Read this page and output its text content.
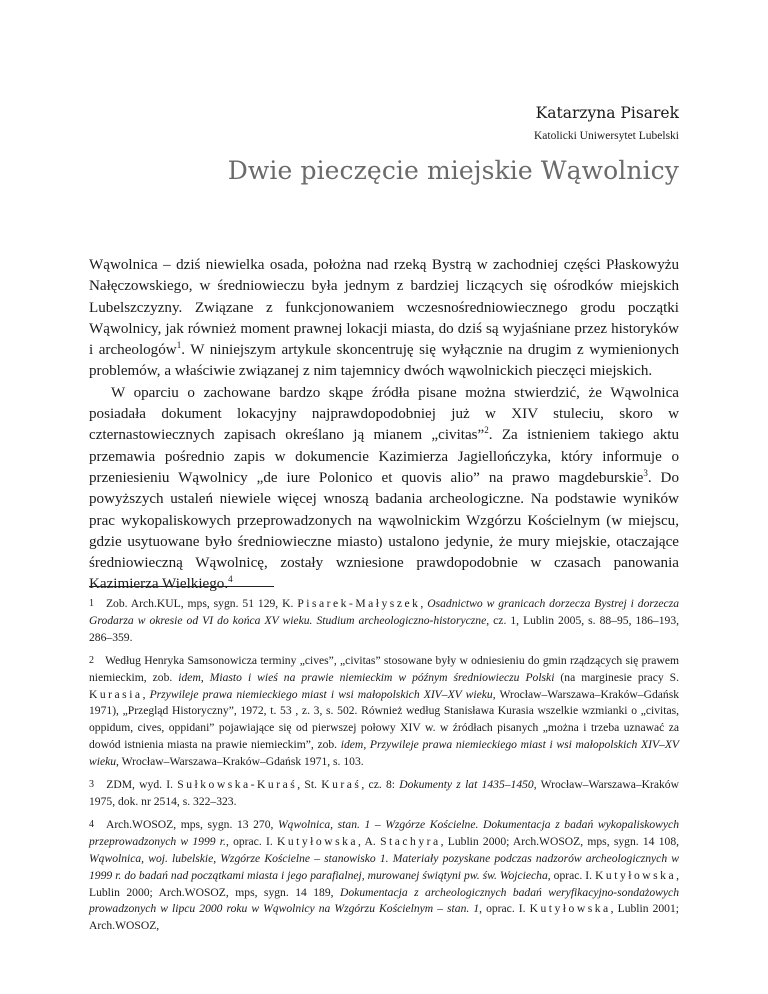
Katarzyna Pisarek
Katolicki Uniwersytet Lubelski
Dwie pieczęcie miejskie Wąwolnicy

Wąwolnica – dziś niewielka osada, położna nad rzeką Bystrą w zachodniej części Płaskowyżu Nałęczowskiego, w średniowieczu była jednym z bardziej liczących się ośrodków miejskich Lubelszczyzny. Związane z funkcjonowaniem wczesnośredniowiecznego grodu początki Wąwolnicy, jak również moment prawnej lokacji miasta, do dziś są wyjaśniane przez historyków i archeologów$^1$. W niniejszym artykule skoncentruję się wyłącznie na drugim z wymienionych problemów, a właściwie związanej z nim tajemnicy dwóch wąwolnickich pieczęci miejskich.

W oparciu o zachowane bardzo skąpe źródła pisane można stwierdzić, że Wąwolnica posiadała dokument lokacyjny najprawdopodobniej już w XIV stuleciu, skoro w czternastowiecznych zapisach określano ją mianem „civitas”$^2$. Za istnieniem takiego aktu przemawia pośrednio zapis w dokumencie Kazimierza Jagiellończyka, który informuje o przeniesieniu Wąwolnicy „de iure Polonico et quovis alio” na prawo magdeburskie$^3$. Do powyższych ustaleń niewiele więcej wnoszą badania archeologiczne. Na podstawie wyników prac wykopaliskowych przeprowadzonych na wąwolnickim Wzgórzu Kościelnym (w miejscu, gdzie usytuowane było średniowieczne miasto) ustalono jedynie, że mury miejskie, otaczające średniowieczną Wąwolnicę, zostały wzniesione prawdopodobnie w czasach panowania Kazimierza Wielkiego.$^4$

1 Zob. Arch.KUL, mps, sygn. 51 129, K. Pisarek-Małyszek, Osadnictwo w granicach dorzecza Bystrej i dorzecza Grodarza w okresie od VI do końca XV wieku. Studium archeologiczno-historyczne, cz. 1, Lublin 2005, s. 88–95, 186–193, 286–359.

2 Według Henryka Samsonowicza terminy „cives”, „civitas” stosowane były w odniesieniu do gmin rządzących się prawem niemieckim, zob. idem, Miasto i wieś na prawie niemieckim w późnym średniowieczu Polski (na marginesie pracy S. Kurasia, Przywileje prawa niemieckiego miast i wsi małopolskich XIV–XV wieku, Wrocław–Warszawa–Kraków–Gdańsk 1971), „Przegląd Historyczny”, 1972, t. 53 , z. 3, s. 502. Również według Stanisława Kurasia wszelkie wzmianki o „civitas, oppidum, cives, oppidani” pojawiające się od pierwszej połowy XIV w. w źródłach pisanych „można i trzeba uznawać za dowód istnienia miasta na prawie niemieckim”, zob. idem, Przywileje prawa niemieckiego miast i wsi małopolskich XIV–XV wieku, Wrocław–Warszawa–Kraków–Gdańsk 1971, s. 103.

3 ZDM, wyd. I. Sułkowska-Kuraś, St. Kuraś, cz. 8: Dokumenty z lat 1435–1450, Wrocław–Warszawa–Kraków 1975, dok. nr 2514, s. 322–323.

4 Arch.WOSOZ, mps, sygn. 13 270, Wąwolnica, stan. 1 – Wzgórze Kościelne. Dokumentacja z badań wykopaliskowych przeprowadzonych w 1999 r., oprac. I. Kutyłowska, A. Stachyra, Lublin 2000; Arch.WOSOZ, mps, sygn. 14 108, Wąwolnica, woj. lubelskie, Wzgórze Kościelne – stanowisko 1. Materiały pozyskane podczas nadzorów archeologicznych w 1999 r. do badań nad początkami miasta i jego parafialnej, murowanej świątyni pw. św. Wojciecha, oprac. I. Kutyłowska, Lublin 2000; Arch.WOSOZ, mps, sygn. 14 189, Dokumentacja z archeologicznych badań weryfikacyjno-sondażowych prowadzonych w lipcu 2000 roku w Wąwolnicy na Wzgórzu Kościelnym – stan. 1, oprac. I. Kutyłowska, Lublin 2001; Arch.WOSOZ,
